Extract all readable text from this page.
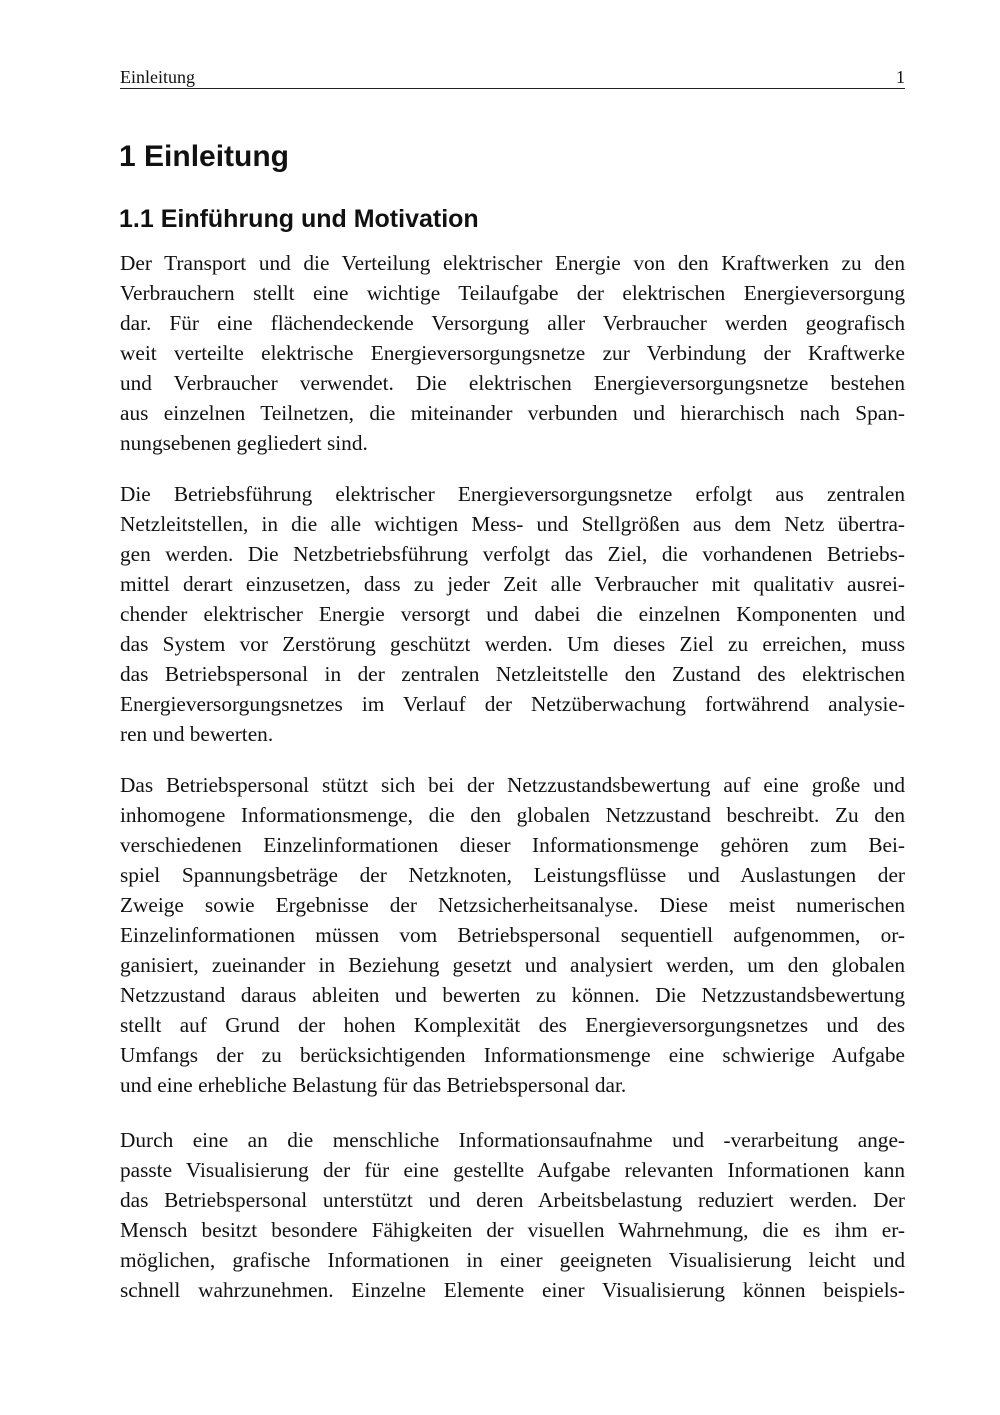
Einleitung	1
1 Einleitung
1.1 Einführung und Motivation
Der Transport und die Verteilung elektrischer Energie von den Kraftwerken zu den
Verbrauchern stellt eine wichtige Teilaufgabe der elektrischen Energieversorgung
dar. Für eine flächendeckende Versorgung aller Verbraucher werden geografisch
weit verteilte elektrische Energieversorgungsnetze zur Verbindung der Kraftwerke
und Verbraucher verwendet. Die elektrischen Energieversorgungsnetze bestehen
aus einzelnen Teilnetzen, die miteinander verbunden und hierarchisch nach Span-
nungsebenen gegliedert sind.
Die Betriebsführung elektrischer Energieversorgungsnetze erfolgt aus zentralen
Netzleitstellen, in die alle wichtigen Mess- und Stellgrößen aus dem Netz übertra-
gen werden. Die Netzbetriebsführung verfolgt das Ziel, die vorhandenen Betriebs-
mittel derart einzusetzen, dass zu jeder Zeit alle Verbraucher mit qualitativ ausrei-
chender elektrischer Energie versorgt und dabei die einzelnen Komponenten und
das System vor Zerstörung geschützt werden. Um dieses Ziel zu erreichen, muss
das Betriebspersonal in der zentralen Netzleitstelle den Zustand des elektrischen
Energieversorgungsnetzes im Verlauf der Netzüberwachung fortwährend analysie-
ren und bewerten.
Das Betriebspersonal stützt sich bei der Netzzustandsbewertung auf eine große und
inhomogene Informationsmenge, die den globalen Netzzustand beschreibt. Zu den
verschiedenen Einzelinformationen dieser Informationsmenge gehören zum Bei-
spiel Spannungsbeträge der Netzknoten, Leistungsflüsse und Auslastungen der
Zweige sowie Ergebnisse der Netzsicherheitsanalyse. Diese meist numerischen
Einzelinformationen müssen vom Betriebspersonal sequentiell aufgenommen, or-
ganisiert, zueinander in Beziehung gesetzt und analysiert werden, um den globalen
Netzzustand daraus ableiten und bewerten zu können. Die Netzzustandsbewertung
stellt auf Grund der hohen Komplexität des Energieversorgungsnetzes und des
Umfangs der zu berücksichtigenden Informationsmenge eine schwierige Aufgabe
und eine erhebliche Belastung für das Betriebspersonal dar.
Durch eine an die menschliche Informationsaufnahme und -verarbeitung ange-
passte Visualisierung der für eine gestellte Aufgabe relevanten Informationen kann
das Betriebspersonal unterstützt und deren Arbeitsbelastung reduziert werden. Der
Mensch besitzt besondere Fähigkeiten der visuellen Wahrnehmung, die es ihm er-
möglichen, grafische Informationen in einer geeigneten Visualisierung leicht und
schnell wahrzunehmen. Einzelne Elemente einer Visualisierung können beispiels-
